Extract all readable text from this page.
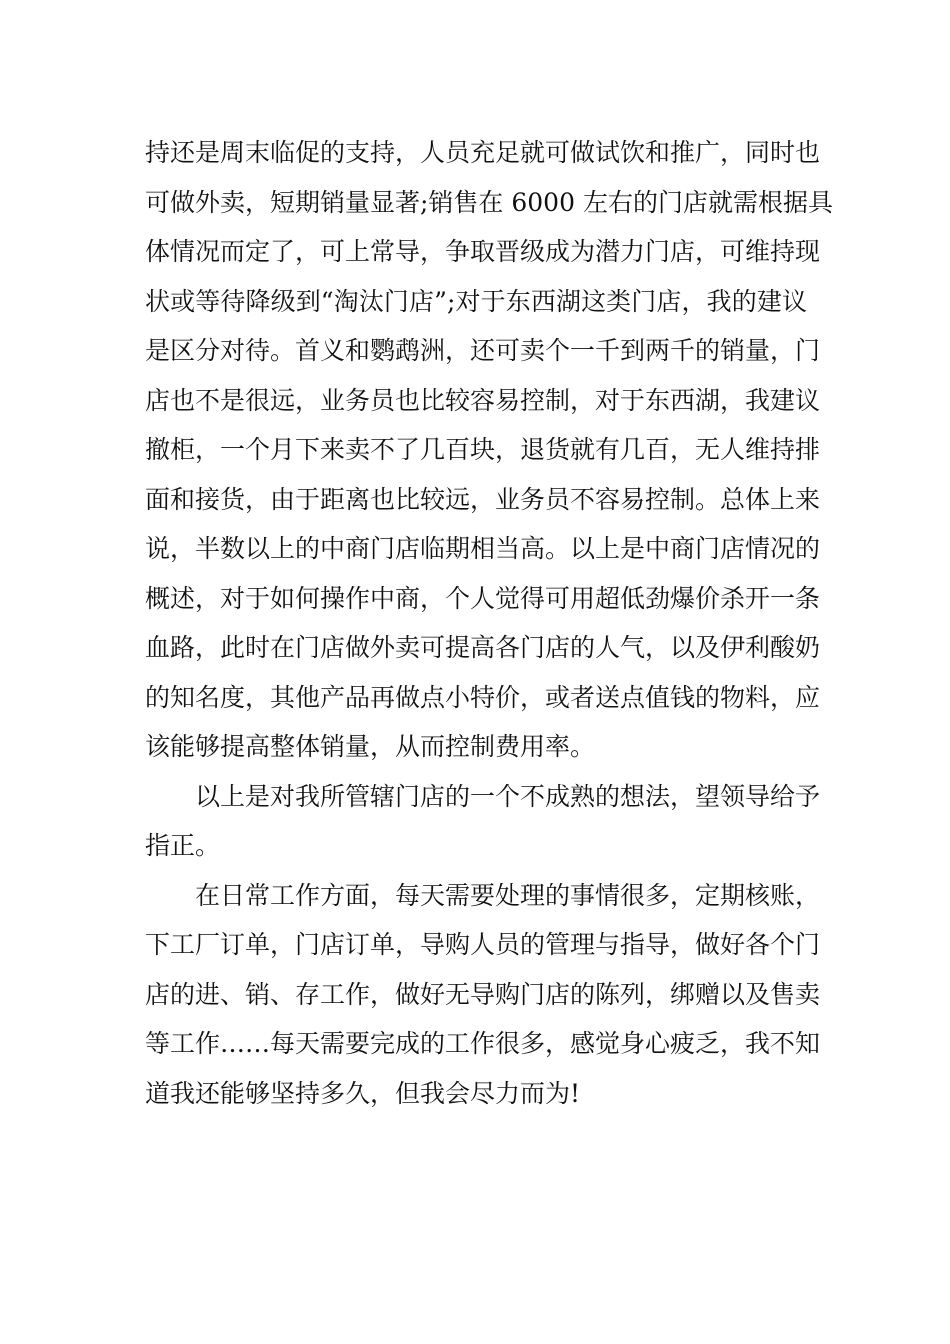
持还是周末临促的支持，人员充足就可做试饮和推广，同时也
可做外卖，短期销量显著;销售在 6000 左右的门店就需根据具
体情况而定了，可上常导，争取晋级成为潜力门店，可维持现
状或等待降级到“淘汰门店”;对于东西湖这类门店，我的建议
是区分对待。首义和鹦鹉洲，还可卖个一千到两千的销量，门
店也不是很远，业务员也比较容易控制，对于东西湖，我建议
撤柜，一个月下来卖不了几百块，退货就有几百，无人维持排
面和接货，由于距离也比较远，业务员不容易控制。总体上来
说，半数以上的中商门店临期相当高。以上是中商门店情况的
概述，对于如何操作中商，个人觉得可用超低劲爆价杀开一条
血路，此时在门店做外卖可提高各门店的人气，以及伊利酸奶
的知名度，其他产品再做点小特价，或者送点值钱的物料，应
该能够提高整体销量，从而控制费用率。
以上是对我所管辖门店的一个不成熟的想法，望领导给予
指正。
在日常工作方面，每天需要处理的事情很多，定期核账，
下工厂订单，门店订单，导购人员的管理与指导，做好各个门
店的进、销、存工作，做好无导购门店的陈列，绑赠以及售卖
等工作……每天需要完成的工作很多，感觉身心疲乏，我不知
道我还能够坚持多久，但我会尽力而为!
